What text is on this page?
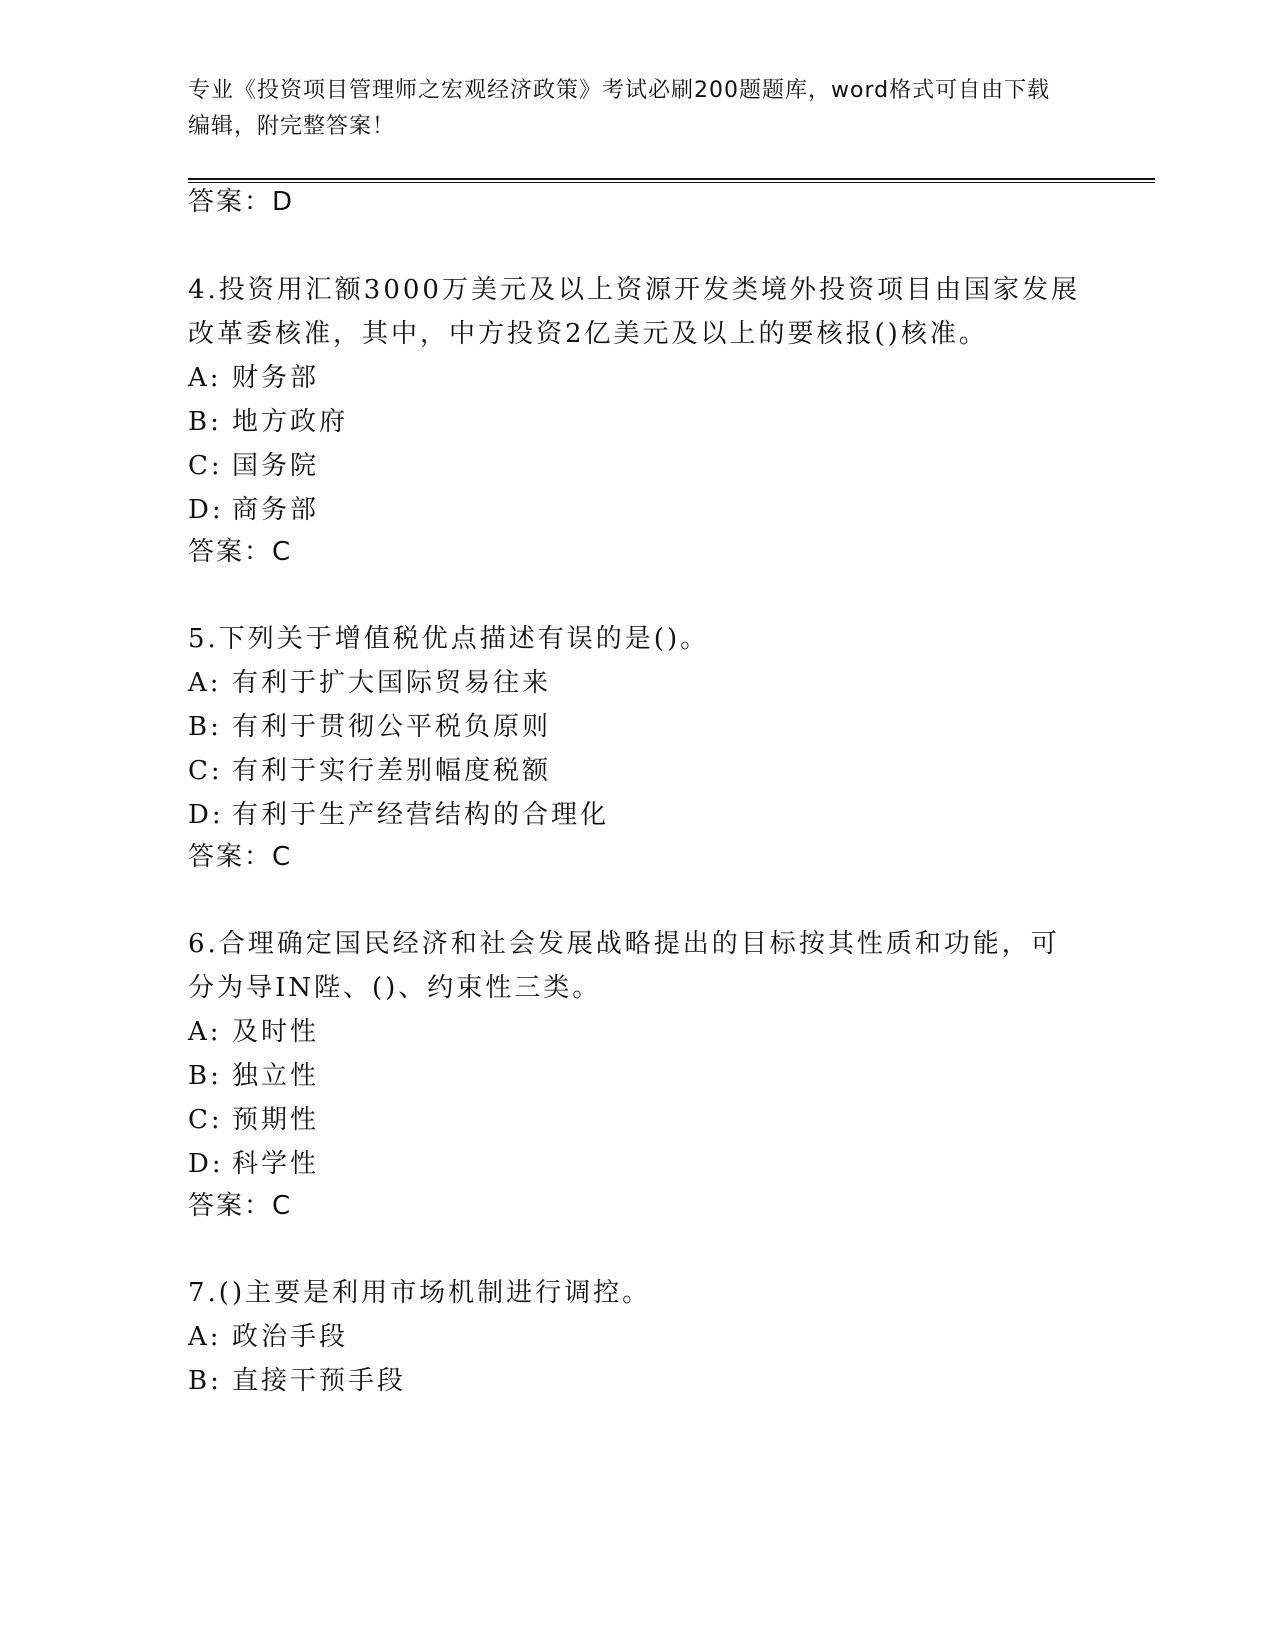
专业《投资项目管理师之宏观经济政策》考试必刷200题题库，word格式可自由下载编辑，附完整答案！
答案：D
4.投资用汇额3000万美元及以上资源开发类境外投资项目由国家发展
改革委核准，其中，中方投资2亿美元及以上的要核报()核准。
A: 财务部
B: 地方政府
C: 国务院
D: 商务部
答案：C
5.下列关于增值税优点描述有误的是()。
A: 有利于扩大国际贸易往来
B: 有利于贯彻公平税负原则
C: 有利于实行差别幅度税额
D: 有利于生产经营结构的合理化
答案：C
6.合理确定国民经济和社会发展战略提出的目标按其性质和功能，可
分为导IN陛、()、约束性三类。
A: 及时性
B: 独立性
C: 预期性
D: 科学性
答案：C
7.()主要是利用市场机制进行调控。
A: 政治手段
B: 直接干预手段
